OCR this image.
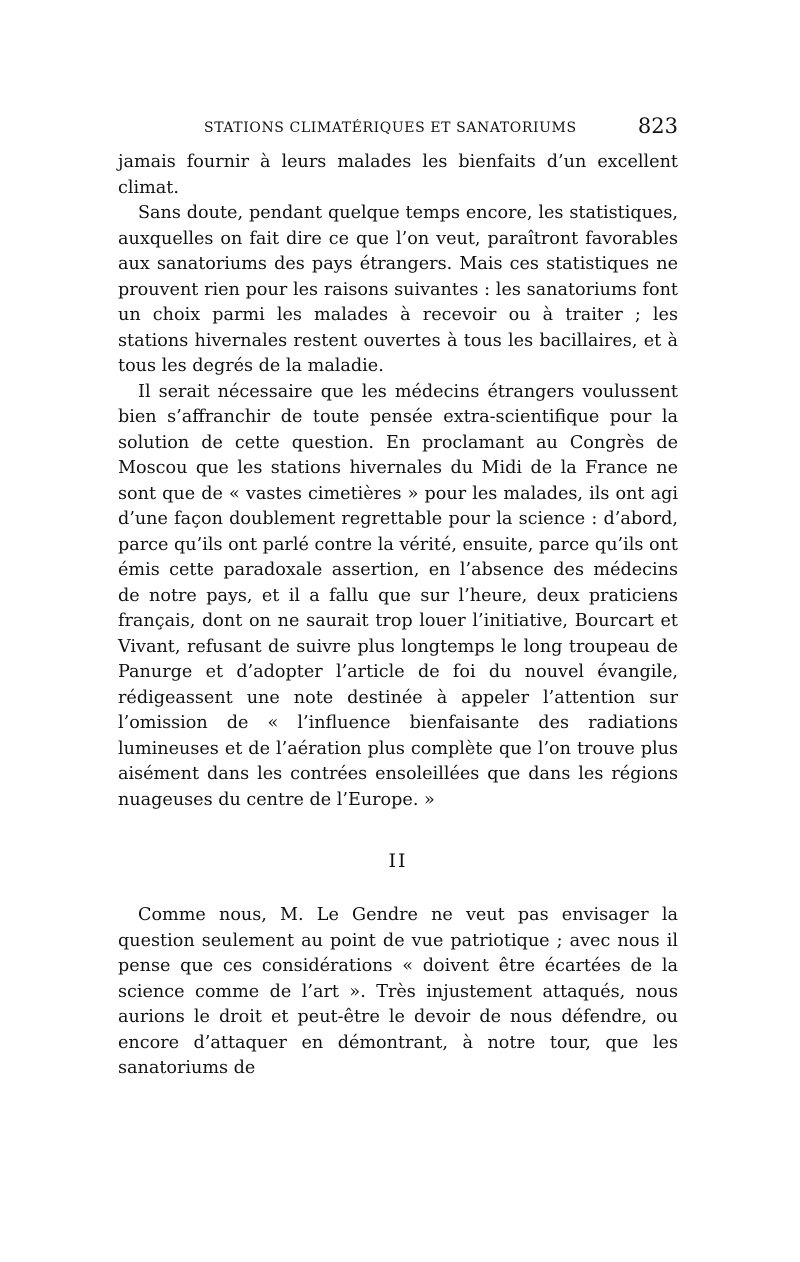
STATIONS CLIMATÉRIQUES ET SANATORIUMS	823

jamais fournir à leurs malades les bienfaits d’un excellent climat.

Sans doute, pendant quelque temps encore, les statistiques, auxquelles on fait dire ce que l’on veut, paraîtront favorables aux sanatoriums des pays étrangers. Mais ces statistiques ne prouvent rien pour les raisons suivantes : les sanatoriums font un choix parmi les malades à recevoir ou à traiter ; les stations hivernales restent ouvertes à tous les bacillaires, et à tous les degrés de la maladie.

Il serait nécessaire que les médecins étrangers voulussent bien s’affranchir de toute pensée extra-scientifique pour la solution de cette question. En proclamant au Congrès de Moscou que les stations hivernales du Midi de la France ne sont que de « vastes cimetières » pour les malades, ils ont agi d’une façon doublement regrettable pour la science : d’abord, parce qu’ils ont parlé contre la vérité, ensuite, parce qu’ils ont émis cette paradoxale assertion, en l’absence des médecins de notre pays, et il a fallu que sur l’heure, deux praticiens français, dont on ne saurait trop louer l’initiative, Bourcart et Vivant, refusant de suivre plus longtemps le long troupeau de Panurge et d’adopter l’article de foi du nouvel évangile, rédigeassent une note destinée à appeler l’attention sur l’omission de « l’influence bienfaisante des radiations lumineuses et de l’aération plus complète que l’on trouve plus aisément dans les contrées ensoleillées que dans les régions nuageuses du centre de l’Europe. »

II

Comme nous, M. Le Gendre ne veut pas envisager la question seulement au point de vue patriotique ; avec nous il pense que ces considérations « doivent être écartées de la science comme de l’art ». Très injustement attaqués, nous aurions le droit et peut-être le devoir de nous défendre, ou encore d’attaquer en démontrant, à notre tour, que les sanatoriums de
